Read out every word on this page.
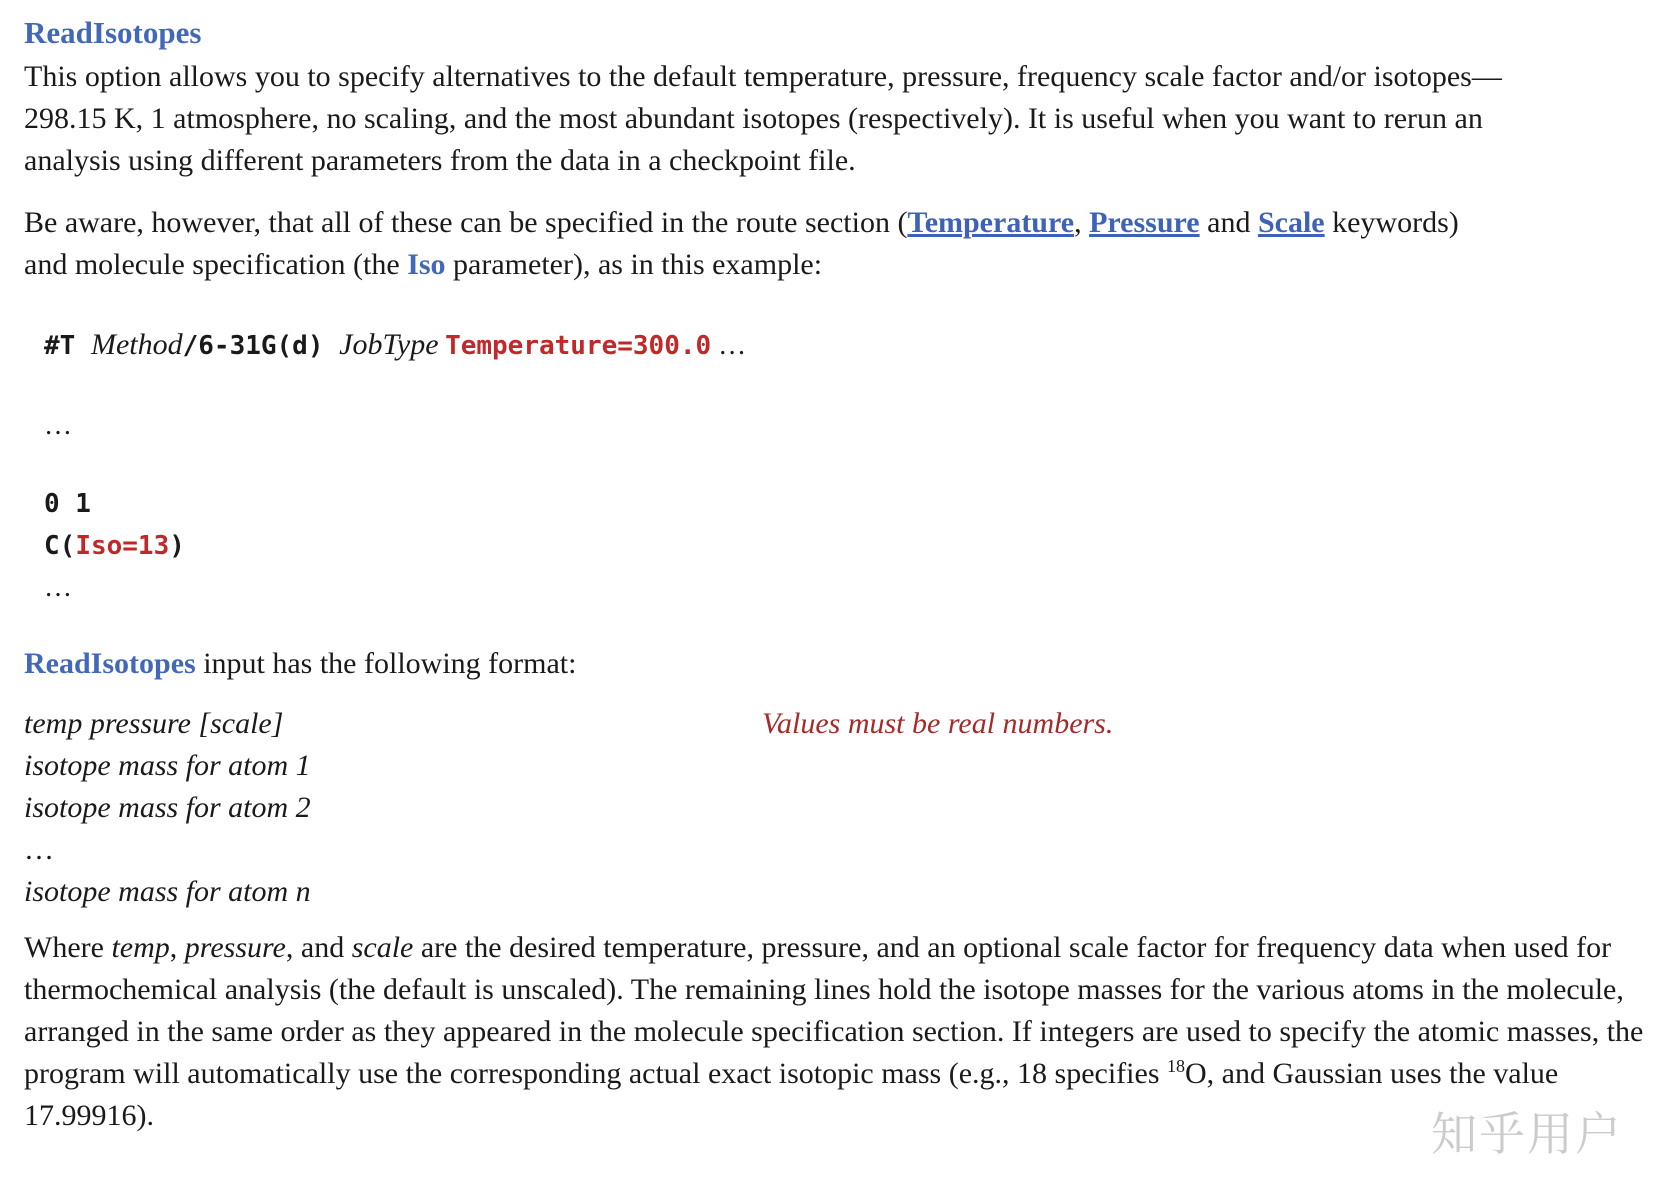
ReadIsotopes

This option allows you to specify alternatives to the default temperature, pressure, frequency scale factor and/or isotopes— 298.15 K, 1 atmosphere, no scaling, and the most abundant isotopes (respectively). It is useful when you want to rerun an analysis using different parameters from the data in a checkpoint file.

Be aware, however, that all of these can be specified in the route section (Temperature, Pressure and Scale keywords) and molecule specification (the Iso parameter), as in this example:

#T Method/6-31G(d) JobType Temperature=300.0 …
…
0 1
C(Iso=13)
…

ReadIsotopes input has the following format:

temp pressure [scale]
isotope mass for atom 1
isotope mass for atom 2
…
isotope mass for atom n
Values must be real numbers.

Where temp, pressure, and scale are the desired temperature, pressure, and an optional scale factor for frequency data when used for thermochemical analysis (the default is unscaled). The remaining lines hold the isotope masses for the various atoms in the molecule, arranged in the same order as they appeared in the molecule specification section. If integers are used to specify the atomic masses, the program will automatically use the corresponding actual exact isotopic mass (e.g., 18 specifies $^{18}$O, and Gaussian uses the value 17.99916).	知乎用户
